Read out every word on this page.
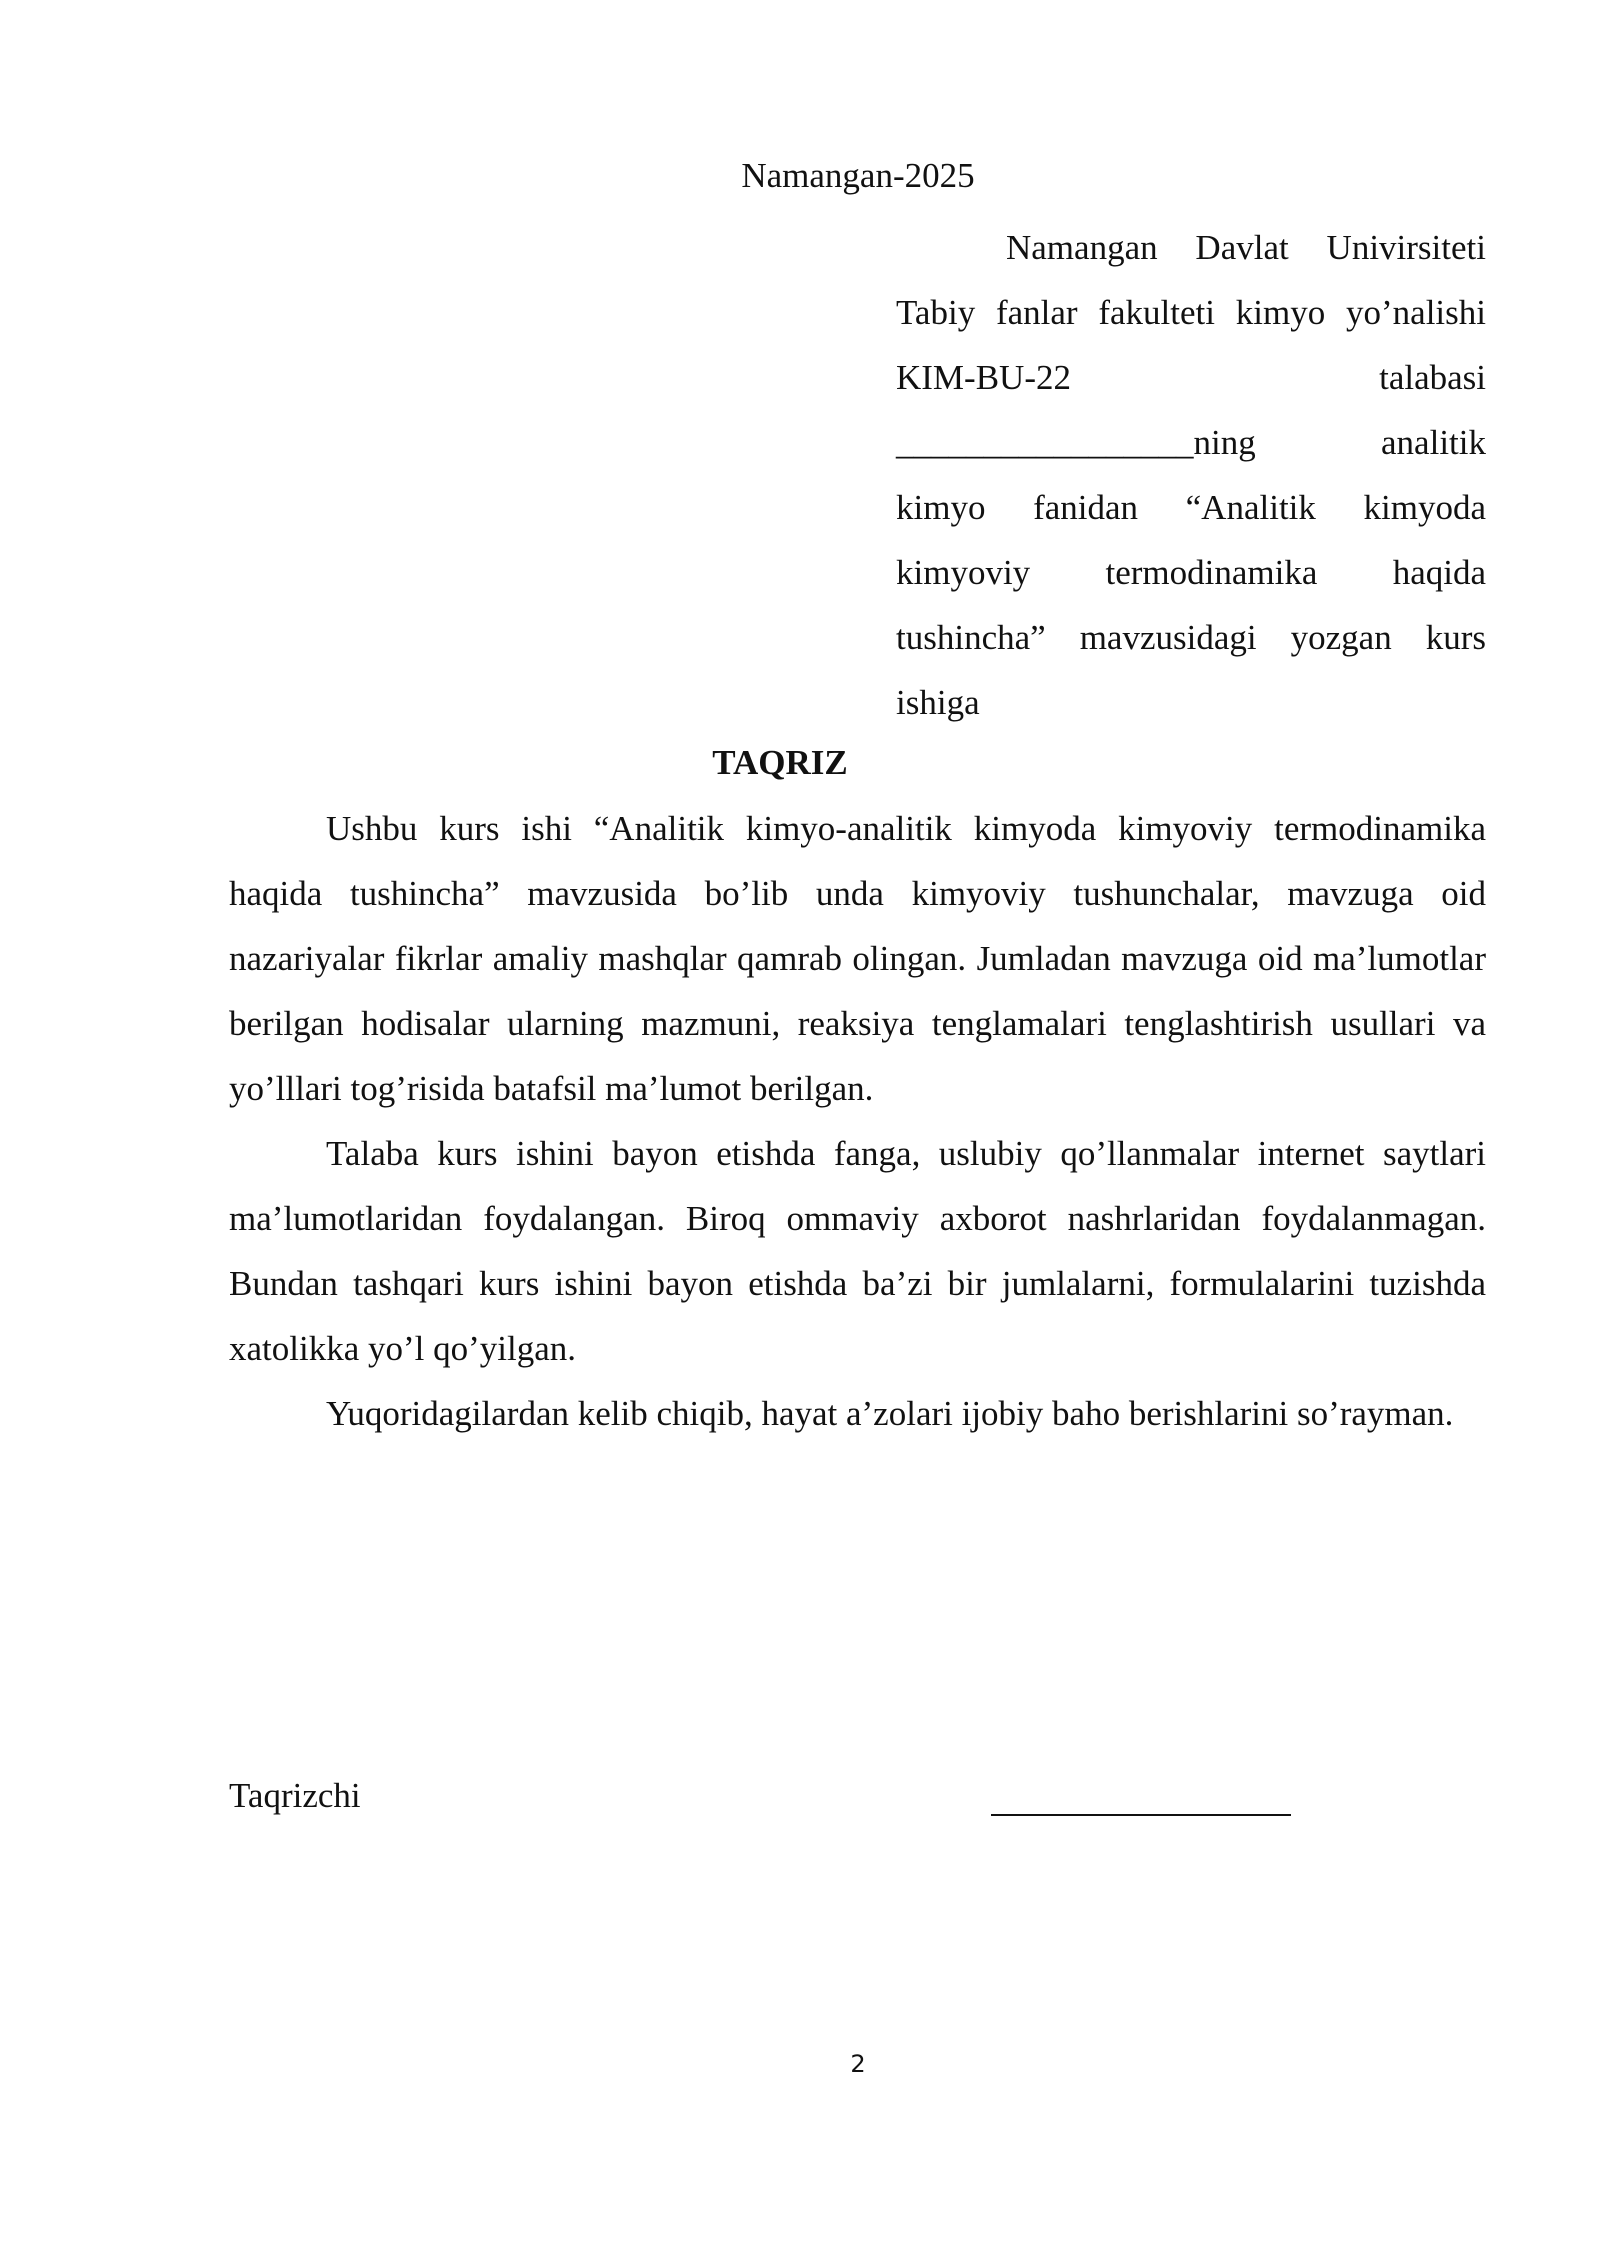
Namangan-2025
Namangan Davlat Univirsiteti
Tabiy fanlar fakulteti kimyo yo’nalishi
KIM-BU-22 talabasi
_________________ning analitik
kimyo fanidan “Analitik kimyoda
kimyoviy termodinamika haqida
tushincha” mavzusidagi yozgan kurs
ishiga
TAQRIZ

Ushbu kurs ishi “Analitik kimyo-analitik kimyoda kimyoviy termodinamika haqida tushincha” mavzusida bo’lib unda kimyoviy tushunchalar, mavzuga oid nazariyalar fikrlar amaliy mashqlar qamrab olingan. Jumladan mavzuga oid ma’lumotlar berilgan hodisalar ularning mazmuni, reaksiya tenglamalari tenglashtirish usullari va yo’lllari tog’risida batafsil ma’lumot berilgan.

Talaba kurs ishini bayon etishda fanga, uslubiy qo’llanmalar internet saytlari ma’lumotlaridan foydalangan. Biroq ommaviy axborot nashrlaridan foydalanmagan. Bundan tashqari kurs ishini bayon etishda ba’zi bir jumlalarni, formulalarini tuzishda xatolikka yo’l qo’yilgan.

Yuqoridagilardan kelib chiqib, hayat a’zolari ijobiy baho berishlarini so’rayman.

Taqrizchi
2
